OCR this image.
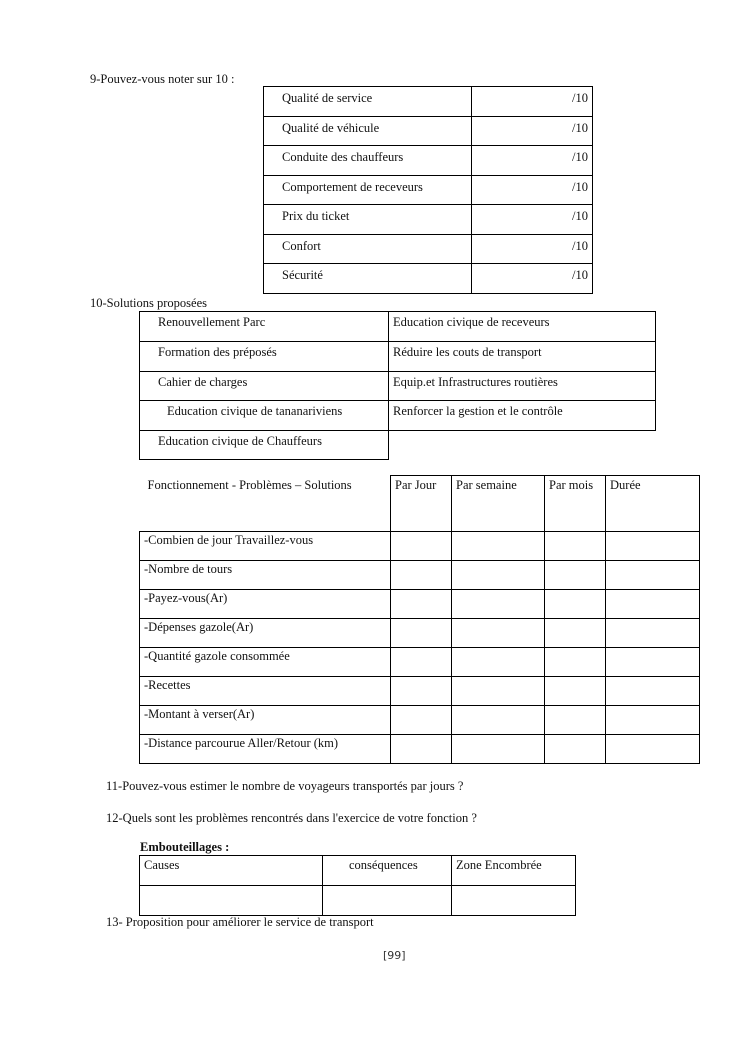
9-Pouvez-vous noter sur 10 :
Qualité de service	/10
Qualité de véhicule	/10
Conduite des chauffeurs	/10
Comportement de receveurs	/10
Prix du ticket	/10
Confort	/10
Sécurité	/10
10-Solutions proposées
Renouvellement Parc	Education civique de receveurs
Formation des préposés	Réduire les couts de transport
Cahier de charges	Equip.et Infrastructures routières
Education civique de tananariviens	Renforcer la gestion et le contrôle
Education civique de Chauffeurs	
Fonctionnement - Problèmes – Solutions	Par Jour	Par semaine	Par mois	Durée
-Combien de jour Travaillez-vous				
-Nombre de tours				
-Payez-vous(Ar)				
-Dépenses gazole(Ar)				
-Quantité gazole consommée				
-Recettes				
-Montant à verser(Ar)				
-Distance parcourue Aller/Retour (km)				
11-Pouvez-vous estimer le nombre de voyageurs transportés par jours ?
12-Quels sont les problèmes rencontrés dans l'exercice de votre fonction ?
Embouteillages :
Causes	conséquences	Zone Encombrée

13- Proposition pour améliorer le service de transport
[99]
